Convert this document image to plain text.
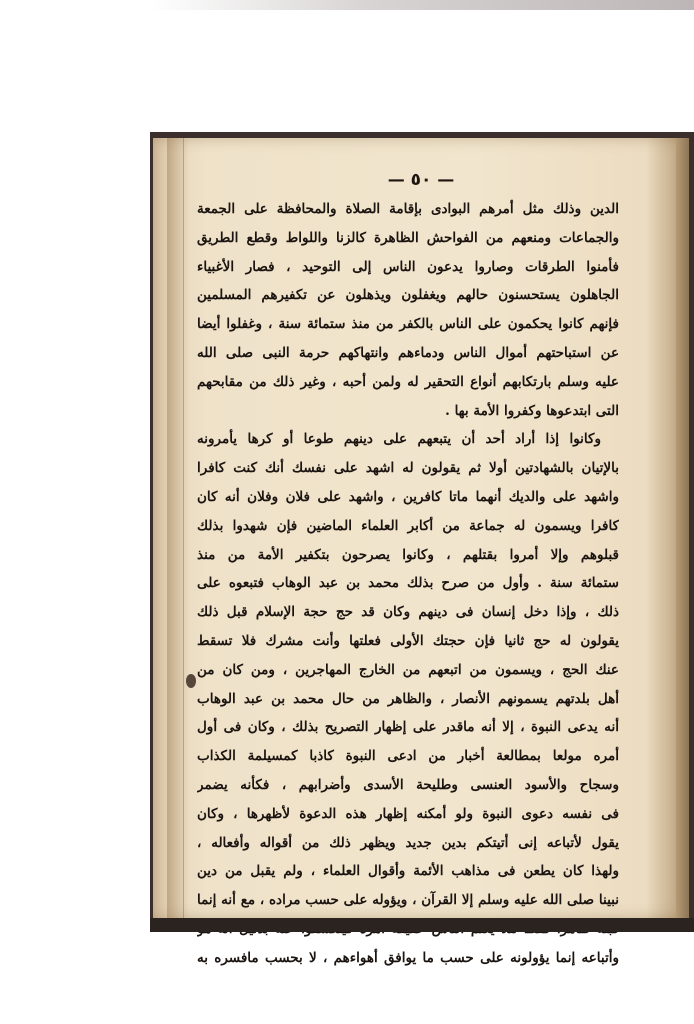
— ٥٠ —
الدين وذلك مثل أمرهم البوادى بإقامة الصلاة والمحافظة على الجمعة
والجماعات ومنعهم من الفواحش الظاهرة كالزنا واللواط وقطع الطريق
فأمنوا الطرقات وصاروا يدعون الناس إلى التوحيد ، فصار الأغبياء
الجاهلون يستحسنون حالهم ويغفلون ويذهلون عن تكفيرهم المسلمين
فإنهم كانوا يحكمون على الناس بالكفر من منذ ستمائة سنة ، وغفلوا أيضا
عن استباحتهم أموال الناس ودماءهم وانتهاكهم حرمة النبى صلى الله
عليه وسلم بارتكابهم أنواع التحقير له ولمن أحبه ، وغير ذلك من مقابحهم
التى ابتدعوها وكفروا الأمة بها .
وكانوا إذا أراد أحد أن يتبعهم على دينهم طوعا أو كرها يأمرونه
بالإتيان بالشهادتين أولا ثم يقولون له اشهد على نفسك أنك كنت كافرا
واشهد على والديك أنهما ماتا كافرين ، واشهد على فلان وفلان أنه كان
كافرا ويسمون له جماعة من أكابر العلماء الماضين فإن شهدوا بذلك
قبلوهم وإلا أمروا بقتلهم ، وكانوا يصرحون بتكفير الأمة من منذ
ستمائة سنة . وأول من صرح بذلك محمد بن عبد الوهاب فتبعوه على
ذلك ، وإذا دخل إنسان فى دينهم وكان قد حج حجة الإسلام قبل ذلك
يقولون له حج ثانيا فإن حجتك الأولى فعلتها وأنت مشرك فلا تسقط
عنك الحج ، ويسمون من اتبعهم من الخارج المهاجرين ، ومن كان من
أهل بلدتهم يسمونهم الأنصار ، والظاهر من حال محمد بن عبد الوهاب
أنه يدعى النبوة ، إلا أنه ماقدر على إظهار التصريح بذلك ، وكان فى أول
أمره مولعا بمطالعة أخبار من ادعى النبوة كاذبا كمسيلمة الكذاب
وسجاح والأسود العنسى وطليحة الأسدى وأضرابهم ، فكأنه يضمر
فى نفسه دعوى النبوة ولو أمكنه إظهار هذه الدعوة لأظهرها ، وكان
يقول لأتباعه إنى أتيتكم بدين جديد ويظهر ذلك من أقواله وأفعاله ،
ولهذا كان يطعن فى مذاهب الأئمة وأقوال العلماء ، ولم يقبل من دين
نبينا صلى الله عليه وسلم إلا القرآن ، ويؤوله على حسب مراده ، مع أنه إنما
وأتباعه إنما يؤولونه على حسب ما يوافق أهواءهم ، لا بحسب مافسره به
